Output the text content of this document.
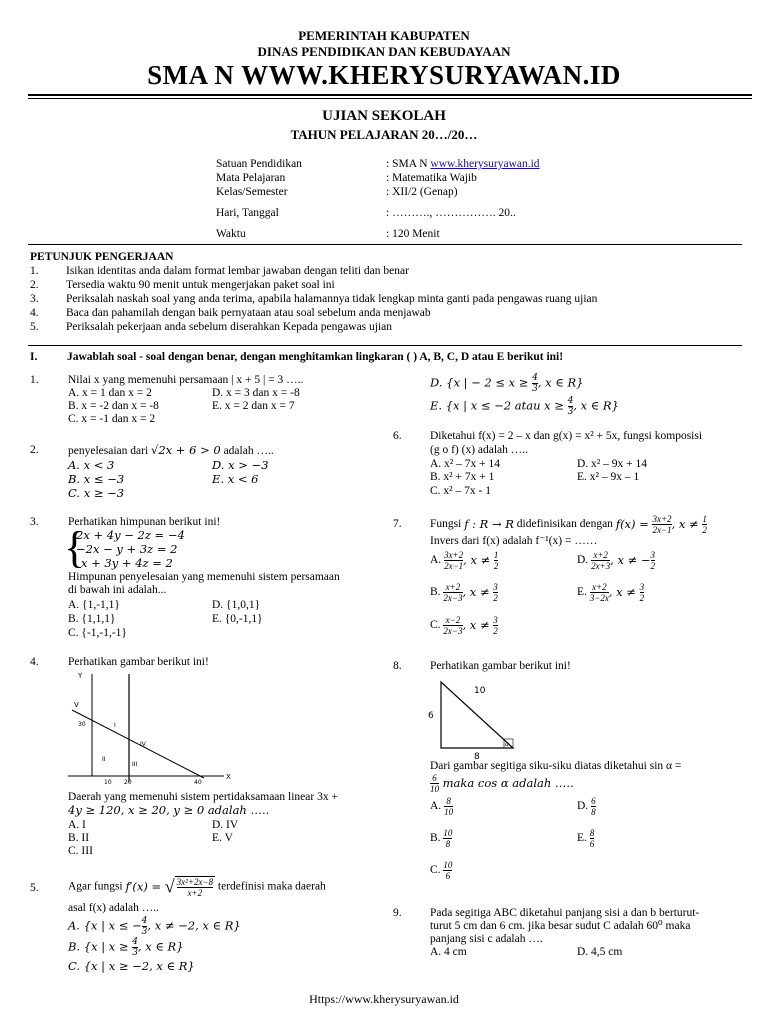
PEMERINTAH KABUPATEN
DINAS PENDIDIKAN DAN KEBUDAYAAN
SMA N WWW.KHERYSURYAWAN.ID
UJIAN SEKOLAH
TAHUN PELAJARAN 20…/20…
Satuan Pendidikan	: SMA N www.kherysuryawan.id
Mata Pelajaran	: Matematika Wajib
Kelas/Semester	: XII/2 (Genap)
Hari, Tanggal	: ………., ……………. 20..
Waktu	: 120 Menit
PETUNJUK PENGERJAAN
1.	Isikan identitas anda dalam format lembar jawaban dengan teliti dan benar
2.	Tersedia waktu 90 menit untuk mengerjakan paket soal ini
3.	Periksalah naskah soal yang anda terima, apabila halamannya tidak lengkap minta ganti pada pengawas ruang ujian
4.	Baca dan pahamilah dengan baik pernyataan atau soal sebelum anda menjawab
5.	Periksalah pekerjaan anda sebelum diserahkan Kepada pengawas ujian
I.	Jawablah soal - soal dengan benar, dengan menghitamkan lingkaran ( ) A, B, C, D atau E berikut ini!
1.	Nilai x yang memenuhi persamaan | x + 5 | = 3 …..
A. x = 1 dan x = 2
B. x = -2 dan x = -8
C. x = -1 dan x = 2
D. x = 3 dan x = -8
E. x = 2 dan x = 7
2.	penyelesaian dari √2x + 6 > 0 adalah …..
A. x < 3
B. x ≤ −3
C. x ≥ −3
D. x > −3
E. x < 6
3.	Perhatikan himpunan berikut ini!
{
2x + 4y − 2z = −4
−2x − y + 3z = 2
x + 3y + 4z = 2
Himpunan penyelesaian yang memenuhi sistem persamaan
di bawah ini adalah...
A. {1,-1,1}
B. {1,1,1}
C. {-1,-1,-1}
D. {1,0,1}
E. {0,-1,1}
4.	Perhatikan gambar berikut ini!
Y
X
V
30	I
II
III
IV
10 20	40
Daerah yang memenuhi sistem pertidaksamaan linear 3x +
4y ≥ 120, x ≥ 20, y ≥ 0 adalah …..
A. I
B. II
C. III
D. IV
E. V
5.	Agar fungsi f′(x) = √ $\frac{\text{3x²+2x−8}}{x+2}$ terdefinisi maka daerah
asal f(x) adalah …..
A. {x | x ≤ − $\frac{4}{3}$ , x ≠ −2, x ∈ R}
B. {x | $x \ge \frac{4}{3}$ , x ∈ R}
C. {x | x ≥ −2, x ∈ R}
D. {x | − $2 \le x \ge \frac{4}{3}$ , x ∈ R}
E. {x | x ≤ −2 atau $x \ge \frac{4}{3}$ , x ∈ R}
6. Diketahui f(x) = 2 – x dan g(x) = x² + 5x, fungsi komposisi
(g o f) (x) adalah …..
A. x² – 7x + 14
B. x² + 7x + 1
C. x² – 7x - 1
D. x² – 9x + 14
E. x² – 9x – 1
7. Fungsi f : R → R didefinisikan dengan $f(x) = \frac{3x+2}{2x-1}$ , $x \ne \frac{1}{2}$
Invers dari f(x) adalah f⁻¹(x) = ……
A. $\frac{3x+2}{2x-1}$ , $x \ne \frac{1}{2}$	D. $\frac{x+2}{2x+3}$ , x ≠ − $\frac{3}{2}$
B. $\frac{x+2}{2x-3}$ , $x \ne \frac{3}{2}$	E. $\frac{x+2}{3-2x}$ , $x \ne \frac{3}{2}$
C. $\frac{x-2}{2x-3}$ , $x \ne \frac{3}{2}$
8. Perhatikan gambar berikut ini!
10
6
8
α
Dari gambar segitiga siku-siku diatas diketahui sin α =
$\frac{6}{10}$ maka cos α adalah …..
A. $\frac{8}{10}$	D. $\frac{6}{8}$
B. $\frac{10}{8}$	E. $\frac{8}{6}$
C. $\frac{10}{6}$
9. Pada segitiga ABC diketahui panjang sisi a dan b berturut-
turut 5 cm dan 6 cm. jika besar sudut C adalah 60⁰ maka
panjang sisi c adalah ….
A. 4 cm	D. 4,5 cm
Https://www.kherysuryawan.id
